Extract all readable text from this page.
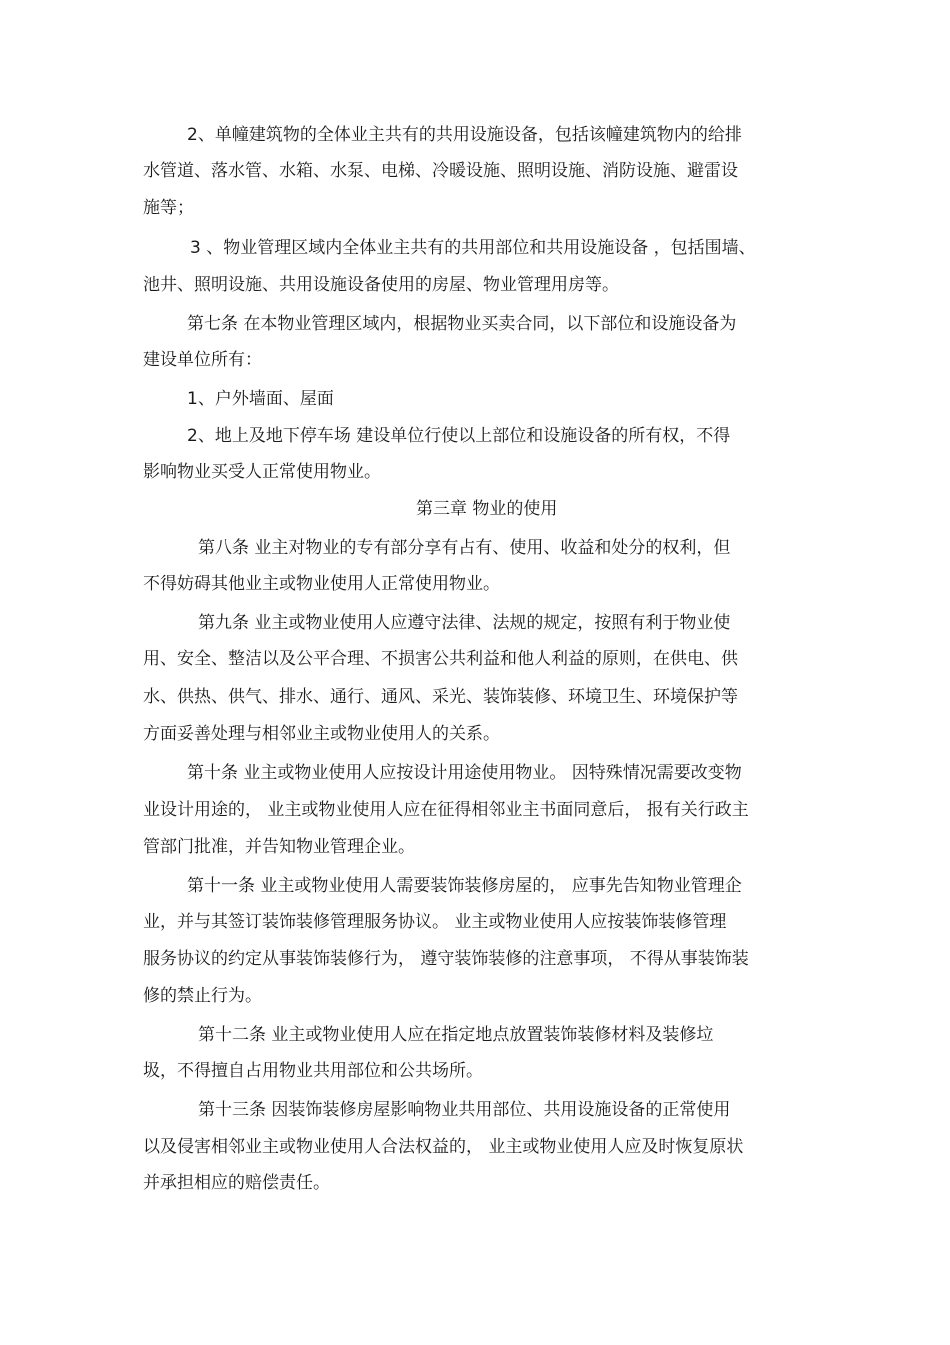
2、单幢建筑物的全体业主共有的共用设施设备，包括该幢建筑物内的给排
水管道、落水管、水箱、水泵、电梯、冷暖设施、照明设施、消防设施、避雷设
施等；
3 、物业管理区域内全体业主共有的共用部位和共用设施设备 ，包括围墙、
池井、照明设施、共用设施设备使用的房屋、物业管理用房等。
第七条 在本物业管理区域内，根据物业买卖合同，以下部位和设施设备为
建设单位所有：
1、户外墙面、屋面
2、地上及地下停车场 建设单位行使以上部位和设施设备的所有权，不得
影响物业买受人正常使用物业。
第三章 物业的使用
第八条 业主对物业的专有部分享有占有、使用、收益和处分的权利，但
不得妨碍其他业主或物业使用人正常使用物业。
第九条 业主或物业使用人应遵守法律、法规的规定，按照有利于物业使
用、安全、整洁以及公平合理、不损害公共利益和他人利益的原则，在供电、供
水、供热、供气、排水、通行、通风、采光、装饰装修、环境卫生、环境保护等
方面妥善处理与相邻业主或物业使用人的关系。
第十条 业主或物业使用人应按设计用途使用物业。 因特殊情况需要改变物
业设计用途的， 业主或物业使用人应在征得相邻业主书面同意后， 报有关行政主
管部门批准，并告知物业管理企业。
第十一条 业主或物业使用人需要装饰装修房屋的， 应事先告知物业管理企
业，并与其签订装饰装修管理服务协议。 业主或物业使用人应按装饰装修管理
服务协议的约定从事装饰装修行为， 遵守装饰装修的注意事项， 不得从事装饰装
修的禁止行为。
第十二条 业主或物业使用人应在指定地点放置装饰装修材料及装修垃
圾，不得擅自占用物业共用部位和公共场所。
第十三条 因装饰装修房屋影响物业共用部位、共用设施设备的正常使用
以及侵害相邻业主或物业使用人合法权益的， 业主或物业使用人应及时恢复原状
并承担相应的赔偿责任。
